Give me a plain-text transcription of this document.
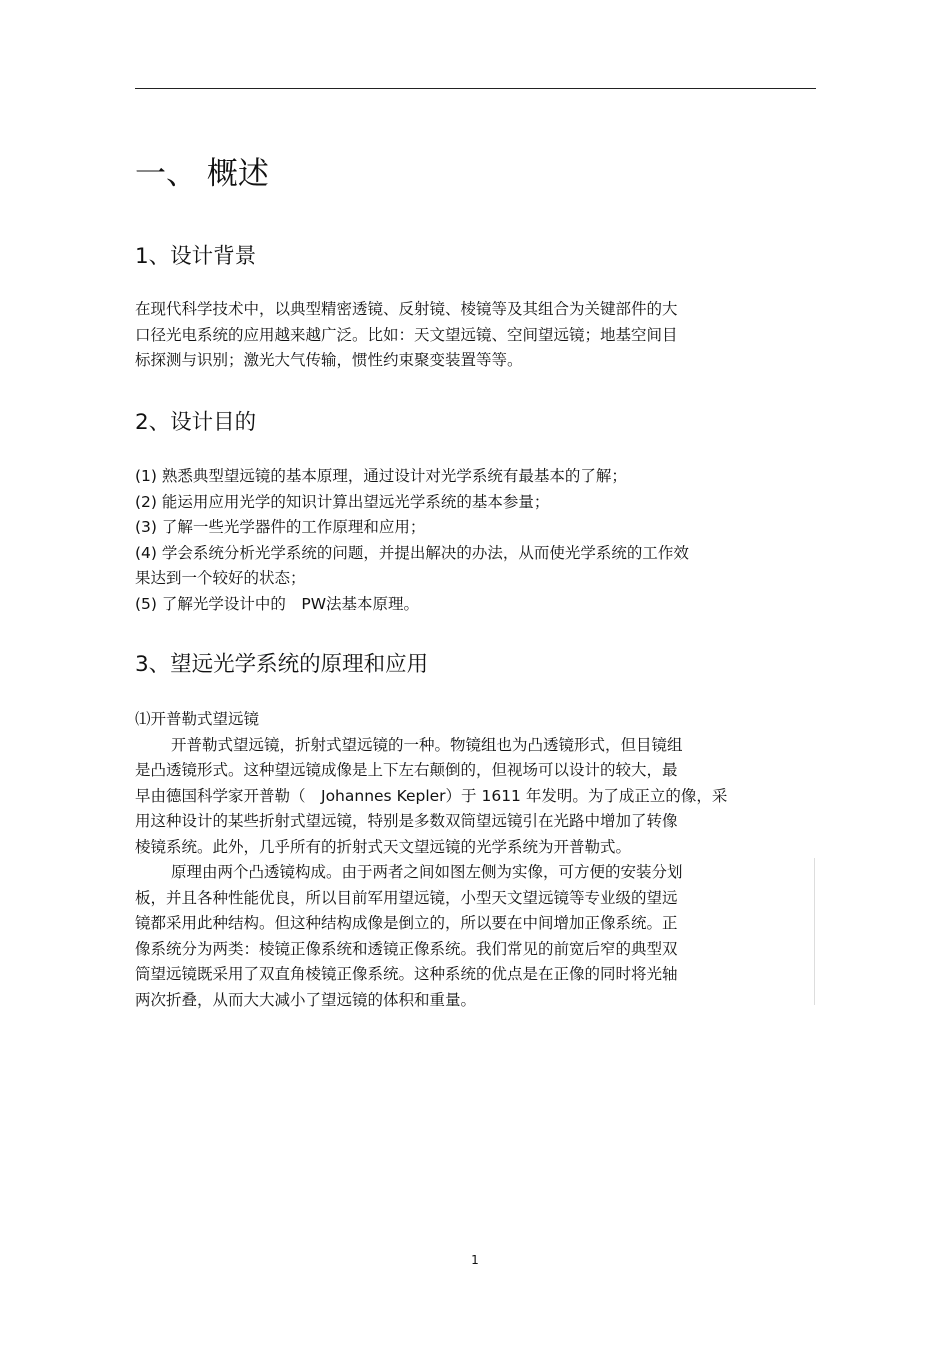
一、 概述
1、设计背景

在现代科学技术中，以典型精密透镜、反射镜、棱镜等及其组合为关键部件的大
口径光电系统的应用越来越广泛。比如：天文望远镜、空间望远镜；地基空间目
标探测与识别；激光大气传输，惯性约束聚变装置等等。

2、设计目的

(1) 熟悉典型望远镜的基本原理，通过设计对光学系统有最基本的了解；
(2) 能运用应用光学的知识计算出望远光学系统的基本参量；
(3) 了解一些光学器件的工作原理和应用；
(4) 学会系统分析光学系统的问题，并提出解决的办法，从而使光学系统的工作效
果达到一个较好的状态；
(5) 了解光学设计中的　PW法基本原理。

3、望远光学系统的原理和应用

⑴开普勒式望远镜
开普勒式望远镜，折射式望远镜的一种。物镜组也为凸透镜形式，但目镜组
是凸透镜形式。这种望远镜成像是上下左右颠倒的，但视场可以设计的较大，最
早由德国科学家开普勒（　Johannes Kepler）于 1611 年发明。为了成正立的像，采
用这种设计的某些折射式望远镜，特别是多数双筒望远镜引在光路中增加了转像
棱镜系统。此外，几乎所有的折射式天文望远镜的光学系统为开普勒式。
原理由两个凸透镜构成。由于两者之间如图左侧为实像，可方便的安装分划
板，并且各种性能优良，所以目前军用望远镜，小型天文望远镜等专业级的望远
镜都采用此种结构。但这种结构成像是倒立的，所以要在中间增加正像系统。正
像系统分为两类：棱镜正像系统和透镜正像系统。我们常见的前宽后窄的典型双
筒望远镜既采用了双直角棱镜正像系统。这种系统的优点是在正像的同时将光轴
两次折叠，从而大大减小了望远镜的体积和重量。

1
